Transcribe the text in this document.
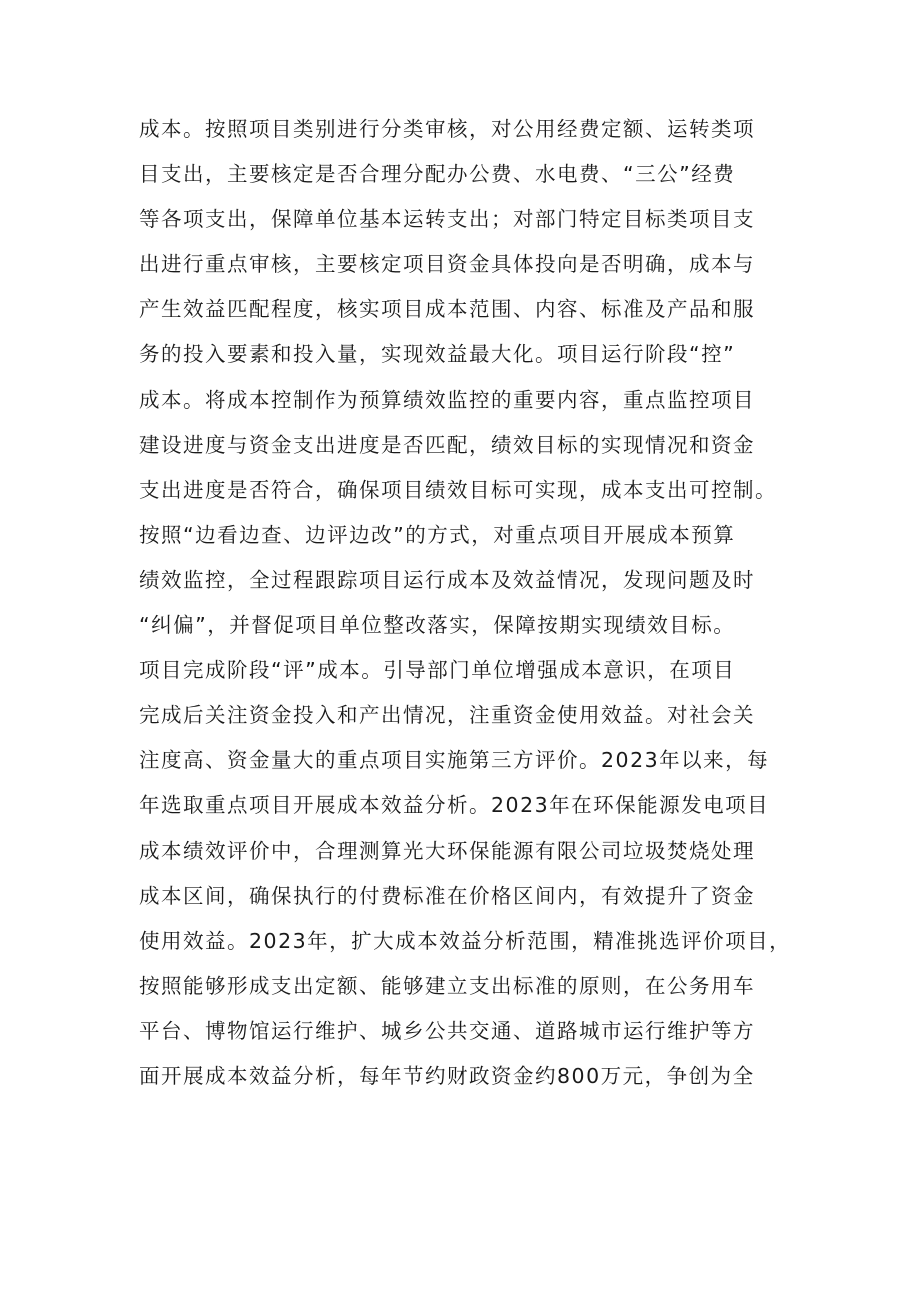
成本。按照项目类别进行分类审核，对公用经费定额、运转类项
目支出，主要核定是否合理分配办公费、水电费、“三公”经费
等各项支出，保障单位基本运转支出；对部门特定目标类项目支
出进行重点审核，主要核定项目资金具体投向是否明确，成本与
产生效益匹配程度，核实项目成本范围、内容、标准及产品和服
务的投入要素和投入量，实现效益最大化。项目运行阶段“控”
成本。将成本控制作为预算绩效监控的重要内容，重点监控项目
建设进度与资金支出进度是否匹配，绩效目标的实现情况和资金
支出进度是否符合，确保项目绩效目标可实现，成本支出可控制。
按照“边看边查、边评边改”的方式，对重点项目开展成本预算
绩效监控，全过程跟踪项目运行成本及效益情况，发现问题及时
“纠偏”，并督促项目单位整改落实，保障按期实现绩效目标。
项目完成阶段“评”成本。引导部门单位增强成本意识，在项目
完成后关注资金投入和产出情况，注重资金使用效益。对社会关
注度高、资金量大的重点项目实施第三方评价。2023年以来，每
年选取重点项目开展成本效益分析。2023年在环保能源发电项目
成本绩效评价中，合理测算光大环保能源有限公司垃圾焚烧处理
成本区间，确保执行的付费标准在价格区间内，有效提升了资金
使用效益。2023年，扩大成本效益分析范围，精准挑选评价项目，
按照能够形成支出定额、能够建立支出标准的原则，在公务用车
平台、博物馆运行维护、城乡公共交通、道路城市运行维护等方
面开展成本效益分析，每年节约财政资金约800万元，争创为全
